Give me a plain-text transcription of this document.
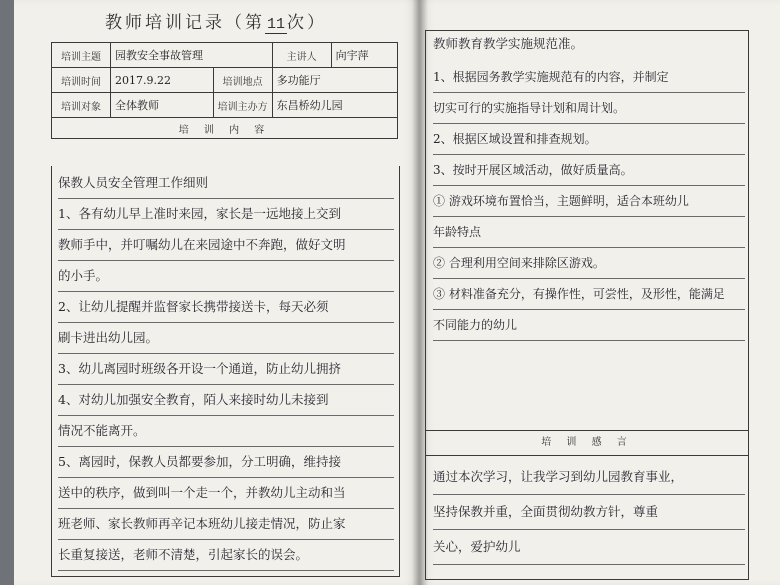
教师培训记录（第 11 次）
培训主题	园教安全事故管理		主讲人	向宇萍
培训时间	2017.9.22	培训地点	多功能厅	
培训对象	全体教师	培训主办方	东昌桥幼儿园	
培 训 内 容				

保教人员安全管理工作细则

1、各有幼儿早上准时来园，家长是一远地接上交到

教师手中，并叮嘱幼儿在来园途中不奔跑，做好文明

的小手。

2、让幼儿提醒并监督家长携带接送卡，每天必须

刷卡进出幼儿园。

3、幼儿离园时班级各开设一个通道，防止幼儿拥挤

4、对幼儿加强安全教育，陌人来接时幼儿未接到

情况不能离开。

5、离园时，保教人员都要参加，分工明确，维持接

送中的秩序，做到叫一个走一个，并教幼儿主动和当

班老师、家长教师再辛记本班幼儿接走情况，防止家

长重复接送，老师不清楚，引起家长的误会。

教师教育教学实施规范准。

1、根据园务教学实施规范有的内容，并制定

切实可行的实施指导计划和周计划。

2、根据区域设置和排查规划。

3、按时开展区域活动，做好质量高。

① 游戏环境布置恰当，主题鲜明，适合本班幼儿

年龄特点

② 合理利用空间来排除区游戏。

③ 材料准备充分，有操作性，可尝性，及形性，能满足

不同能力的幼儿

培 训 感 言

通过本次学习，让我学习到幼儿园教育事业，

坚持保教并重，全面贯彻幼教方针，尊重

关心，爱护幼儿
